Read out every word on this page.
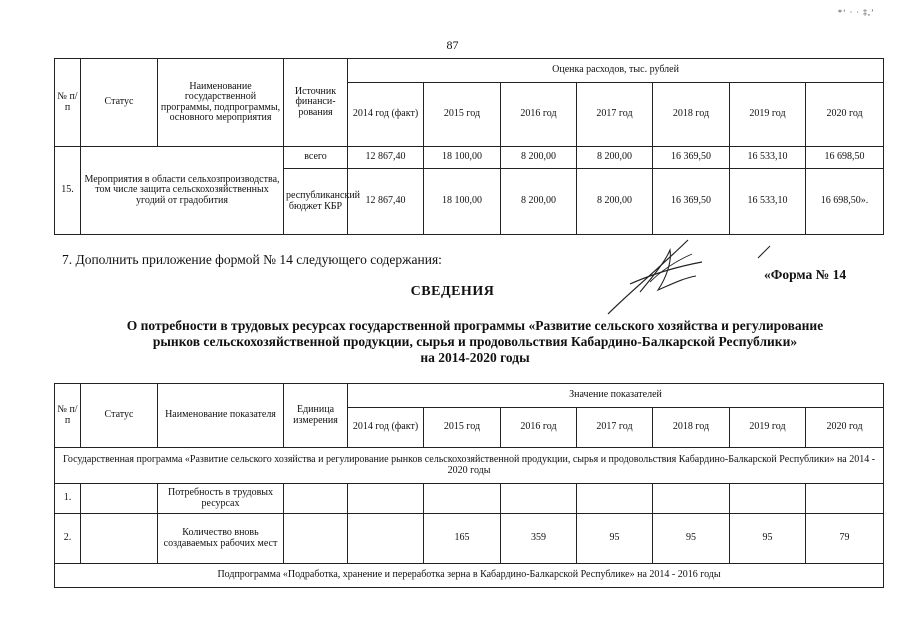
*‘ · · ‡,’
87
№ п/п	Статус	Наименование государственной программы, подпрограммы, основного мероприятия	Источник финанси-рования	Оценка расходов, тыс. рублей						
				2014 год (факт)	2015 год	2016 год	2017 год	2018 год	2019 год	2020 год
15.	Мероприятия в области сельхозпроизводства, том числе защита сельскохозяйственных угодий от градобития		всего	12 867,40	18 100,00	8 200,00	8 200,00	16 369,50	16 533,10	16 698,50
			республиканский бюджет КБР	12 867,40	18 100,00	8 200,00	8 200,00	16 369,50	16 533,10	16 698,50».
7. Дополнить приложение формой № 14 следующего содержания:
«Форма № 14
СВЕДЕНИЯ
О потребности в трудовых ресурсах государственной программы «Развитие сельского хозяйства и регулирование
рынков сельскохозяйственной продукции, сырья и продовольствия Кабардино-Балкарской Республики»
на 2014-2020 годы
№ п/п	Статус	Наименование показателя	Единица измерения	Значение показателей						
				2014 год (факт)	2015 год	2016 год	2017 год	2018 год	2019 год	2020 год
Государственная программа «Развитие сельского хозяйства и регулирование рынков сельскохозяйственной продукции, сырья и продовольствия Кабардино-Балкарской Республики» на 2014 - 2020 годы										
1.		Потребность в трудовых ресурсах								
2.		Количество вновь создаваемых рабочих мест			165	359	95	95	95	79
Подпрограмма «Подработка, хранение и переработка зерна в Кабардино-Балкарской Республике» на 2014 - 2016 годы										
